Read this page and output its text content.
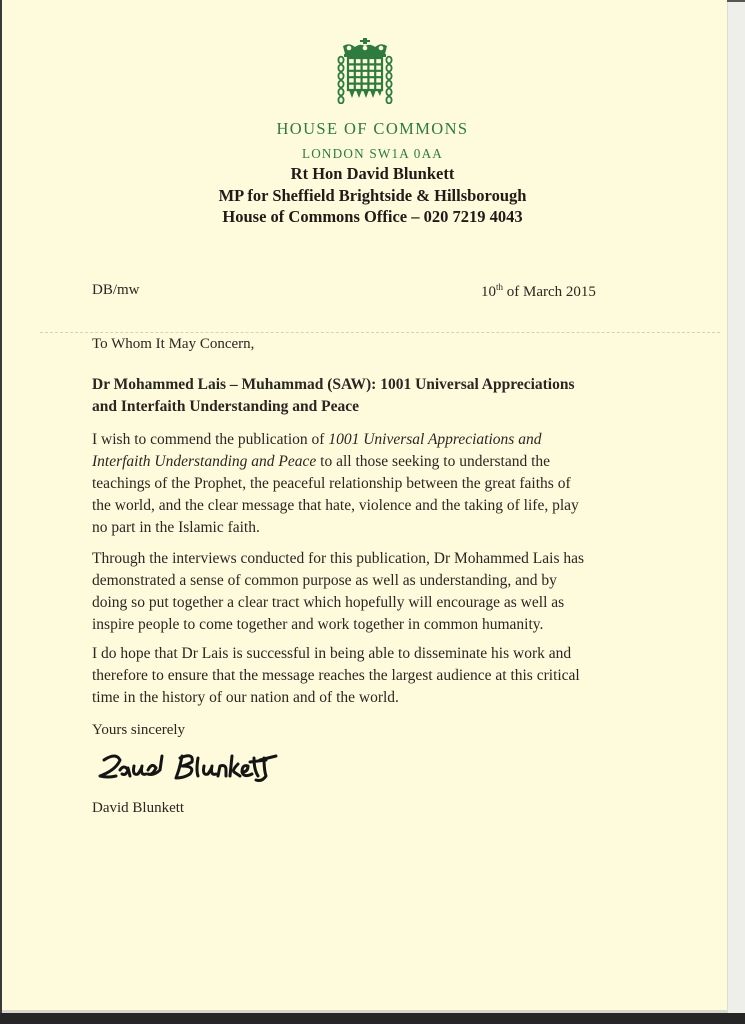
HOUSE OF COMMONS
LONDON SW1A 0AA
Rt Hon David Blunkett
MP for Sheffield Brightside & Hillsborough
House of Commons Office – 020 7219 4043
DB/mw	10th of March 2015
To Whom It May Concern,
Dr Mohammed Lais – Muhammad (SAW): 1001 Universal Appreciations
and Interfaith Understanding and Peace
I wish to commend the publication of 1001 Universal Appreciations and
Interfaith Understanding and Peace to all those seeking to understand the
teachings of the Prophet, the peaceful relationship between the great faiths of
the world, and the clear message that hate, violence and the taking of life, play
no part in the Islamic faith.
Through the interviews conducted for this publication, Dr Mohammed Lais has
demonstrated a sense of common purpose as well as understanding, and by
doing so put together a clear tract which hopefully will encourage as well as
inspire people to come together and work together in common humanity.
I do hope that Dr Lais is successful in being able to disseminate his work and
therefore to ensure that the message reaches the largest audience at this critical
time in the history of our nation and of the world.
Yours sincerely
David Blunkett
